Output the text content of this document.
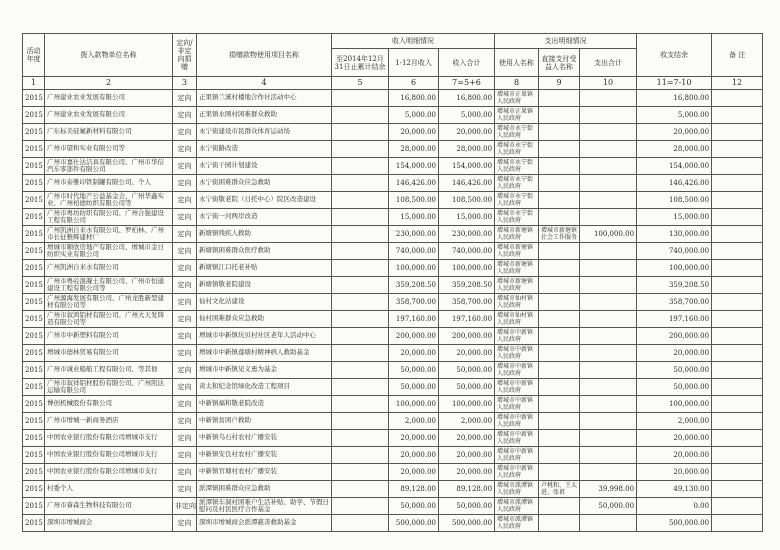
活动年度	拨入款物单位名称	定向/非定向捐赠	捐赠款物使用项目名称	收入明细情况			支出明细情况			收支结余	备 注
				至2014年12月31日止累计结余	1-12月收入	收入合计	使用人名称	直接支付受 益人名称	支出合计		
1	2	3	4	5	6	7=5+6	8	9	10	11=7-10	12
2015	广州建业农业发展有限公司	定向	正果镇兰溪村楼地合作社活动中心		16,800.00	16,800.00	增城市正果镇人民政府			16,800.00	
2015	广州建业农业发展有限公司	定向	正果镇水围村困难群众救助		5,000.00	5,000.00	增城市正果镇人民政府			5,000.00	
2015	广东标美硅氟新材料有限公司	定向	永宁街建设市民群众体育运动场		20,000.00	20,000.00	增城市永宁街人民政府			20,000.00	
2015	广州市望和实业有限公司等	定向	永宁街路改造		28,000.00	28,000.00	增城市永宁街人民政府			28,000.00	
2015	广州市嘉仕达洁具有限公司、广州市华信汽车零部件有限公司	定向	永宁街干园计划建设		154,000.00	154,000.00	增城市永宁街人民政府			154,000.00	
2015	广州市泰雅印铁制罐有限公司、个人	定向	永宁街困难群众应急救助		146,426.00	146,426.00	增城市永宁街人民政府			146,426.00	
2015	广州市时代地产公益基金会、广州华鑫实业、广州柏德纺织有限公司等	定向	永宁街敬老院（日托中心）院区改造建设		108,500.00	108,500.00	增城市永宁街人民政府			108,500.00	
2015	广州市粤坊纺织有限公司、广州合强建设工程有限公司	定向	永宁街一河两岸改造		15,000.00	15,000.00	增城市永宁街人民政府			15,000.00	
2015	广州凯洲自来水有限公司、罗柏林、广州市长征雅辉建材厂	定向	新塘镇残疾人救助		230,000.00	230,000.00	增城市新塘镇人民政府	增城市新塘镇社会工作服务	100,000.00	130,000.00	
2015	增城市顺欣房地产有限公司、增城市金日纺织实业有限公司	定向	新塘镇困难群众医疗救助		740,000.00	740,000.00	增城市新塘镇人民政府			740,000.00	
2015	广州凯洲自来水有限公司	定向	新塘镇江口托老补贴		100,000.00	100,000.00	增城市新塘镇人民政府			100,000.00	
2015	广州市粤砼混凝土有限公司、广州市恒通建设工程有限公司等	定向	新塘镇敬老院建设		359,208.50	359,208.50	增城市新塘镇人民政府			359,208.50	
2015	广州源海发展有限公司、广州龙胜新型建材有限公司等	定向	仙村文化站建设		358,700.00	358,700.00	增城市仙村镇人民政府			358,700.00	
2015	广州市叙鸿铝材有限公司、广州大天发铸造有限公司等	定向	仙村困难群众应急救助		197,160.00	197,160.00	增城市仙村镇人民政府			197,160.00	
2015	广州市中新塑料有限公司	定向	增城市中新镇坑贝村社区老年人活动中心		200,000.00	200,000.00	增城市中新镇人民政府			200,000.00	
2015	增城市德林贸易有限公司	定向	增城市中新镇莲塘村精神病人救助基金		20,000.00	20,000.00	增城市中新镇人民政府			20,000.00	
2015	广州市诚业船舶工程有限公司、等其他	定向	增城市中新镇见义勇为基金		50,000.00	50,000.00	增城市中新镇人民政府			50,000.00	
2015	广州市叙祥铝材股份有限公司、广州凯达运输有限公司	定向	黄太和纪念馆绿化改造工程项目		50,000.00	50,000.00	增城市中新镇人民政府			50,000.00	
2015	博创机械股份有限公司	定向	中新镇福和敬老院改造		100,000.00	100,000.00	增城市中新镇人民政府			100,000.00	
2015	广州市增城一新商务酒店	定向	中新镇贫困户救助		2,000.00	2,000.00	增城市中新镇人民政府			2,000.00	
2015	中国农业银行股份有限公司增城市支行	定向	中新镇乌石村农村广播安装		20,000.00	20,000.00	增城市中新镇人民政府			20,000.00	
2015	中国农业银行股份有限公司增城市支行	定向	中新镇安良村农村广播安装		20,000.00	20,000.00	增城市中新镇人民政府			20,000.00	
2015	中国农业银行股份有限公司增城市支行	定向	中新镇官塘村农村广播安装		20,000.00	20,000.00	增城市中新镇人民政府			20,000.00	
2015	村委个人	定向	派潭镇困难群众应急救助		89,128.00	89,128.00	增城市派潭镇人民政府	卢桃和、王太进、张祖	39,998.00	49,130.00	
2015	广州市睿森生物科技有限公司	非定向	派潭镇车洞村困难户生活补贴、助学、节假日慰问及村民医疗合作基金		50,000.00	50,000.00	增城市派潭镇人民政府		50,000.00	0.00	
2015	深圳市增城商会	定向	深圳市增城商会派潭慈善救助基金		500,000.00	500,000.00	增城市派潭镇人民政府			500,000.00	
